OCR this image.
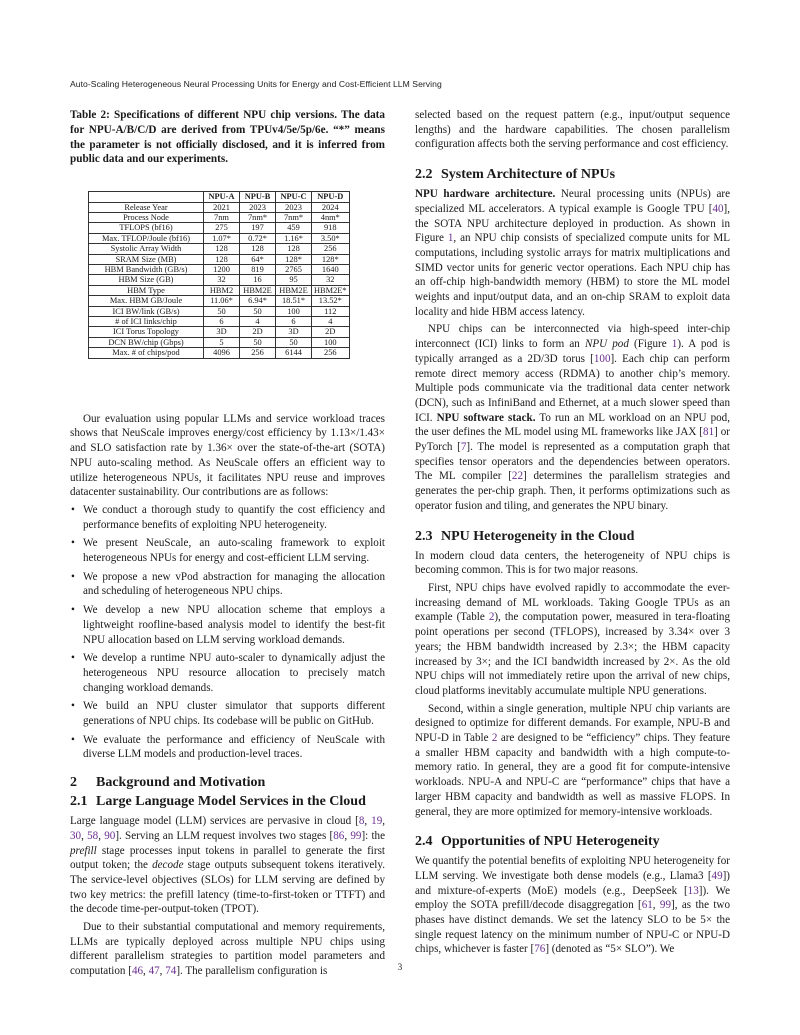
Auto-Scaling Heterogeneous Neural Processing Units for Energy and Cost-Efficient LLM Serving
Table 2: Specifications of different NPU chip versions. The data for NPU-A/B/C/D are derived from TPUv4/5e/5p/6e. “*” means the parameter is not officially disclosed, and it is inferred from public data and our experiments.
	NPU-A	NPU-B	NPU-C	NPU-D
Release Year	2021	2023	2023	2024
Process Node	7nm	7nm*	7nm*	4nm*
TFLOPS (bf16)	275	197	459	918
Max. TFLOP/Joule (bf16)	1.07*	0.72*	1.16*	3.50*
Systolic Array Width	128	128	128	256
SRAM Size (MB)	128	64*	128*	128*
HBM Bandwidth (GB/s)	1200	819	2765	1640
HBM Size (GB)	32	16	95	32
HBM Type	HBM2	HBM2E	HBM2E	HBM2E*
Max. HBM GB/Joule	11.06*	6.94*	18.51*	13.52*
ICI BW/link (GB/s)	50	50	100	112
# of ICI links/chip	6	4	6	4
ICI Torus Topology	3D	2D	3D	2D
DCN BW/chip (Gbps)	5	50	50	100
Max. # of chips/pod	4096	256	6144	256
Our evaluation using popular LLMs and service workload traces shows that NeuScale improves energy/cost efficiency by 1.13×/1.43× and SLO satisfaction rate by 1.36× over the state-of-the-art (SOTA) NPU auto-scaling method. As NeuScale offers an efficient way to utilize heterogeneous NPUs, it facilitates NPU reuse and improves datacenter sustainability. Our contributions are as follows:
• We conduct a thorough study to quantify the cost efficiency and performance benefits of exploiting NPU heterogeneity.
• We present NeuScale, an auto-scaling framework to exploit heterogeneous NPUs for energy and cost-efficient LLM serving.
• We propose a new vPod abstraction for managing the allocation and scheduling of heterogeneous NPU chips.
• We develop a new NPU allocation scheme that employs a lightweight roofline-based analysis model to identify the best-fit NPU allocation based on LLM serving workload demands.
• We develop a runtime NPU auto-scaler to dynamically adjust the heterogeneous NPU resource allocation to precisely match changing workload demands.
• We build an NPU cluster simulator that supports different generations of NPU chips. Its codebase will be public on GitHub.
• We evaluate the performance and efficiency of NeuScale with diverse LLM models and production-level traces.
2 Background and Motivation
2.1 Large Language Model Services in the Cloud
Large language model (LLM) services are pervasive in cloud [8, 19, 30, 58, 90]. Serving an LLM request involves two stages [86, 99]: the prefill stage processes input tokens in parallel to generate the first output token; the decode stage outputs subsequent tokens iteratively. The service-level objectives (SLOs) for LLM serving are defined by two key metrics: the prefill latency (time-to-first-token or TTFT) and the decode time-per-output-token (TPOT).
Due to their substantial computational and memory requirements, LLMs are typically deployed across multiple NPU chips using different parallelism strategies to partition model parameters and computation [46, 47, 74]. The parallelism configuration is
selected based on the request pattern (e.g., input/output sequence lengths) and the hardware capabilities. The chosen parallelism configuration affects both the serving performance and cost efficiency.
2.2 System Architecture of NPUs
NPU hardware architecture. Neural processing units (NPUs) are specialized ML accelerators. A typical example is Google TPU [40], the SOTA NPU architecture deployed in production. As shown in Figure 1, an NPU chip consists of specialized compute units for ML computations, including systolic arrays for matrix multiplications and SIMD vector units for generic vector operations. Each NPU chip has an off-chip high-bandwidth memory (HBM) to store the ML model weights and input/output data, and an on-chip SRAM to exploit data locality and hide HBM access latency.
NPU chips can be interconnected via high-speed inter-chip interconnect (ICI) links to form an NPU pod (Figure 1). A pod is typically arranged as a 2D/3D torus [100]. Each chip can perform remote direct memory access (RDMA) to another chip’s memory. Multiple pods communicate via the traditional data center network (DCN), such as InfiniBand and Ethernet, at a much slower speed than ICI. NPU software stack. To run an ML workload on an NPU pod, the user defines the ML model using ML frameworks like JAX [81] or PyTorch [7]. The model is represented as a computation graph that specifies tensor operators and the dependencies between operators. The ML compiler [22] determines the parallelism strategies and generates the per-chip graph. Then, it performs optimizations such as operator fusion and tiling, and generates the NPU binary.
2.3 NPU Heterogeneity in the Cloud
In modern cloud data centers, the heterogeneity of NPU chips is becoming common. This is for two major reasons.
First, NPU chips have evolved rapidly to accommodate the ever-increasing demand of ML workloads. Taking Google TPUs as an example (Table 2), the computation power, measured in tera-floating point operations per second (TFLOPS), increased by 3.34× over 3 years; the HBM bandwidth increased by 2.3×; the HBM capacity increased by 3×; and the ICI bandwidth increased by 2×. As the old NPU chips will not immediately retire upon the arrival of new chips, cloud platforms inevitably accumulate multiple NPU generations.
Second, within a single generation, multiple NPU chip variants are designed to optimize for different demands. For example, NPU-B and NPU-D in Table 2 are designed to be “efficiency” chips. They feature a smaller HBM capacity and bandwidth with a high compute-to-memory ratio. In general, they are a good fit for compute-intensive workloads. NPU-A and NPU-C are “performance” chips that have a larger HBM capacity and bandwidth as well as massive FLOPS. In general, they are more optimized for memory-intensive workloads.
2.4 Opportunities of NPU Heterogeneity
We quantify the potential benefits of exploiting NPU heterogeneity for LLM serving. We investigate both dense models (e.g., Llama3 [49]) and mixture-of-experts (MoE) models (e.g., DeepSeek [13]). We employ the SOTA prefill/decode disaggregation [61, 99], as the two phases have distinct demands. We set the latency SLO to be 5× the single request latency on the minimum number of NPU-C or NPU-D chips, whichever is faster [76] (denoted as “5× SLO”). We
3
